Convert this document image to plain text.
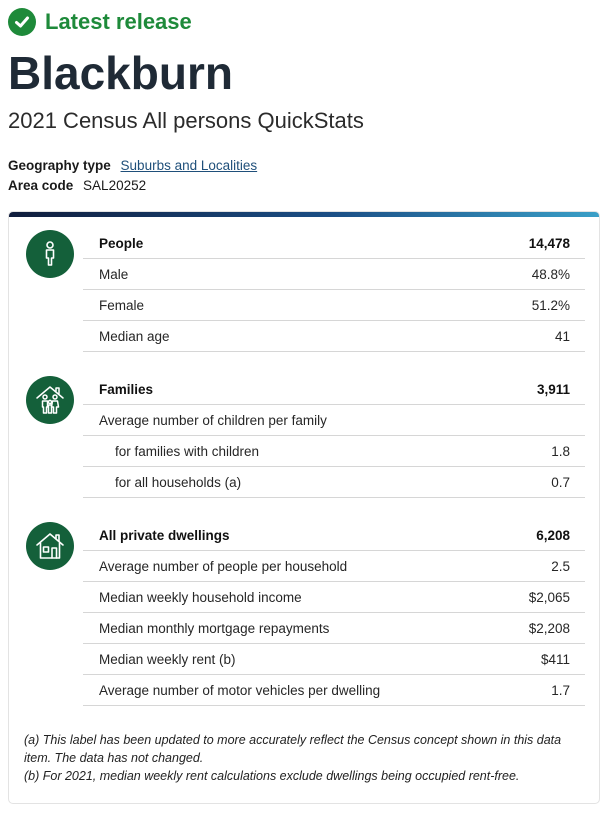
Latest release
Blackburn
2021 Census All persons QuickStats
Geography type Suburbs and Localities
Area code SAL20252
People	14,478
Male	48.8%
Female	51.2%
Median age	41
Families	3,911
Average number of children per family
for families with children	1.8
for all households (a)	0.7
All private dwellings	6,208
Average number of people per household	2.5
Median weekly household income	$2,065
Median monthly mortgage repayments	$2,208
Median weekly rent (b)	$411
Average number of motor vehicles per dwelling	1.7

(a) This label has been updated to more accurately reflect the Census concept shown in this data item. The data has not changed.

(b) For 2021, median weekly rent calculations exclude dwellings being occupied rent-free.
